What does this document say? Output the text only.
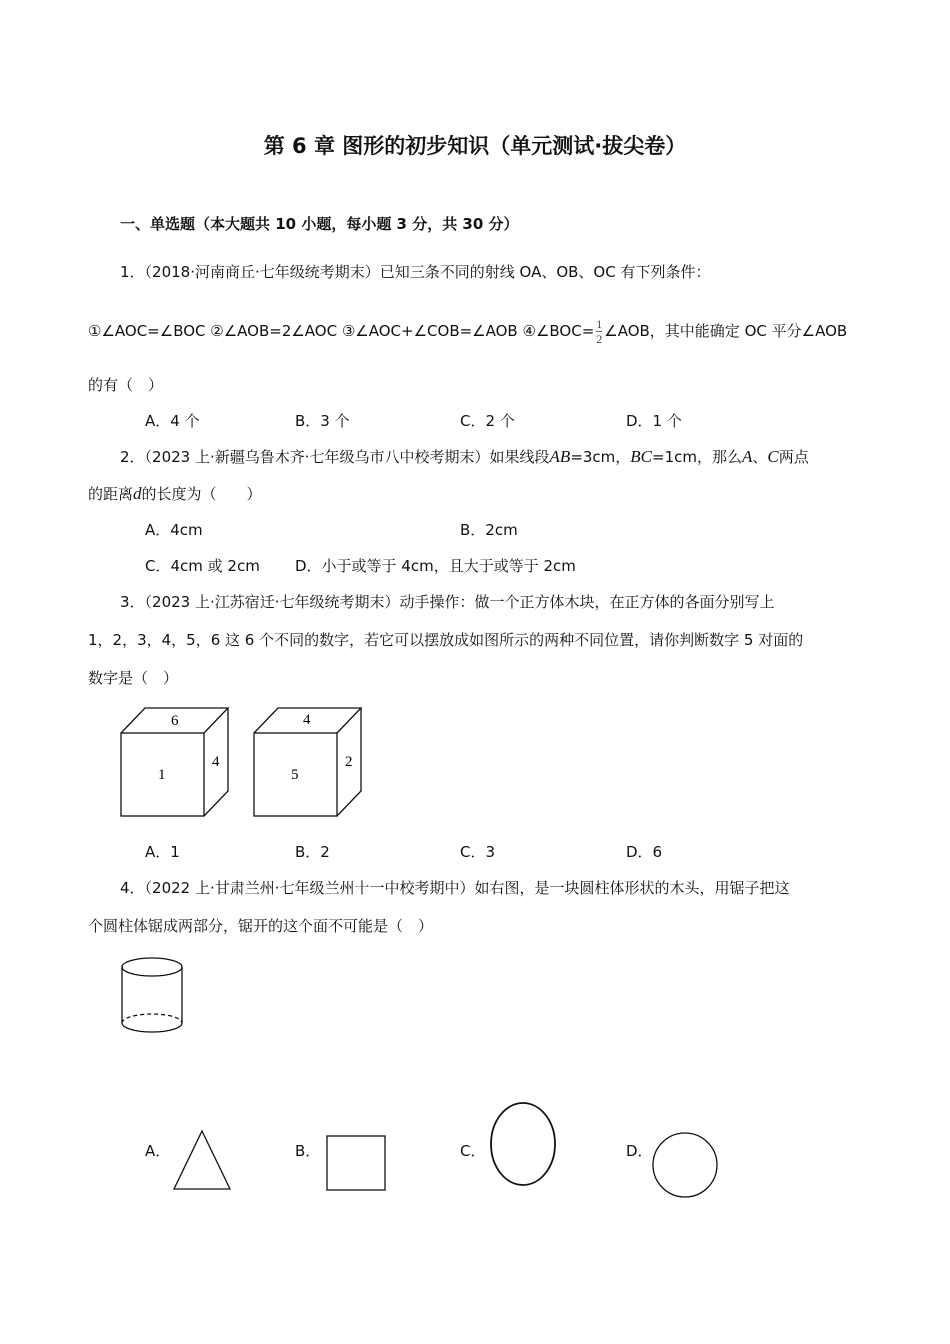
第 6 章 图形的初步知识（单元测试·拔尖卷）
一、单选题（本大题共 10 小题，每小题 3 分，共 30 分）
1．（2018·河南商丘·七年级统考期末）已知三条不同的射线 OA、OB、OC 有下列条件：
①∠AOC=∠BOC ②∠AOB=2∠AOC ③∠AOC+∠COB=∠AOB ④∠BOC= $\frac{1}{2}$ ∠AOB，其中能确定 OC 平分∠AOB
的有（　）
A．4 个	B．3 个	C．2 个	D．1 个
2．（2023 上·新疆乌鲁木齐·七年级乌市八中校考期末）如果线段AB=3cm，BC=1cm，那么A、C两点
的距离d的长度为（　　）
A．4cm	B．2cm
C．4cm 或 2cm D．小于或等于 4cm，且大于或等于 2cm
3．（2023 上·江苏宿迁·七年级统考期末）动手操作：做一个正方体木块，在正方体的各面分别写上
1，2，3，4，5，6 这 6 个不同的数字，若它可以摆放成如图所示的两种不同位置，请你判断数字 5 对面的
数字是（　）
6
1
4
4
5
2
A．1	B．2	C．3	D．6
4．（2022 上·甘肃兰州·七年级兰州十一中校考期中）如右图，是一块圆柱体形状的木头，用锯子把这
个圆柱体锯成两部分，锯开的这个面不可能是（　）
A．	B．	C．	D．
